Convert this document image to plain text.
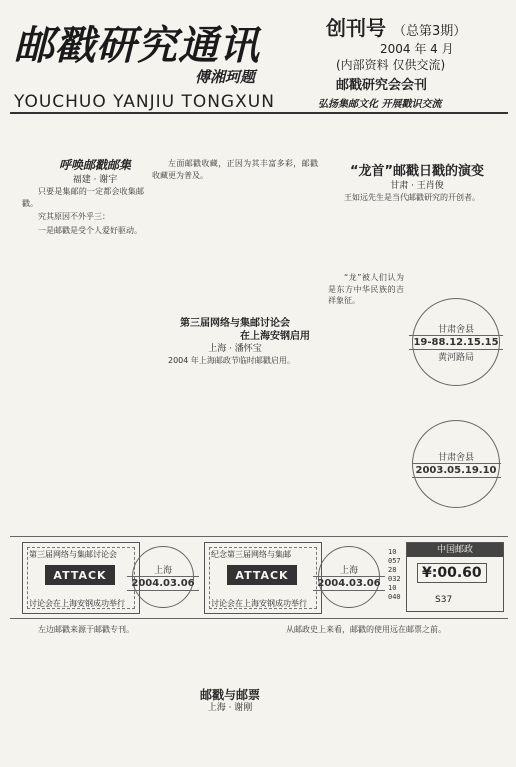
邮戳研究通讯
傅湘珂题
YOUCHUO YANJIU TONGXUN
创刊号 （总第3期）
2004 年 4 月
(内部资料 仅供交流)
邮戳研究会会刊
弘扬集邮文化 开展戳识交流
呼唤邮戳邮集
福建 · 谢宇

只要是集邮的一定都会收集邮戳。

究其原因不外乎三：

一是邮戳是受个人爱好驱动。

左面邮戳收藏，正因为其丰富多彩，邮戳收藏更为普及。

第三届网络与集邮讨论会
在上海安钢启用
上海 · 潘怀宝

2004 年上海邮政节临时邮戳启用。

“龙首”邮戳日戳的演变
甘肃 · 王肖俊

王如远先生是当代邮戳研究的开创者。

“龙”被人们认为是东方中华民族的吉祥象征。

甘肃舍县
19-88.12.15.15
黄河路局
甘肃舍县
2003.05.19.10
第三届网络与集邮讨论会
ATTACK
讨论会在上海安钢成功举行
上海
2004.03.06
纪念第三届网络与集邮
ATTACK
讨论会在上海安钢成功举行
上海
2004.03.06
10
057
28
032
10
040
中国邮政
¥:00.60
S37

左边邮戳来源于邮戳专刊。

邮戳与邮票
上海 · 谢刚

从邮政史上来看，邮戳的使用远在邮票之前。
